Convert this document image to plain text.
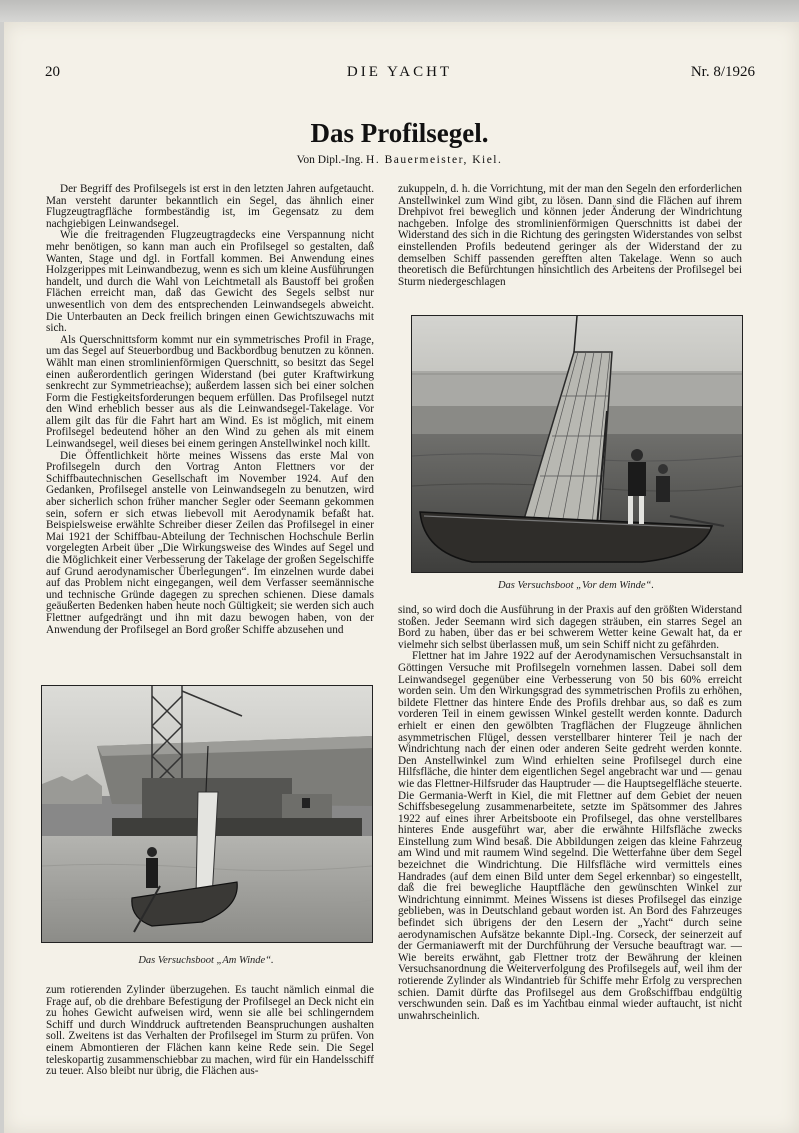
20	DIE YACHT	Nr. 8/1926
Das Profilsegel.
Von Dipl.-Ing. H. Bauermeister, Kiel.

Der Begriff des Profilsegels ist erst in den letzten Jahren aufgetaucht. Man versteht darunter bekanntlich ein Segel, das ähnlich einer Flugzeugtragfläche formbeständig ist, im Gegensatz zu dem nachgiebigen Leinwandsegel.

Wie die freitragenden Flugzeugtragdecks eine Verspannung nicht mehr benötigen, so kann man auch ein Profilsegel so gestalten, daß Wanten, Stage und dgl. in Fortfall kommen. Bei Anwendung eines Holzgerippes mit Leinwandbezug, wenn es sich um kleine Ausführungen handelt, und durch die Wahl von Leichtmetall als Baustoff bei großen Flächen erreicht man, daß das Gewicht des Segels selbst nur unwesentlich von dem des entsprechenden Leinwandsegels abweicht. Die Unterbauten an Deck freilich bringen einen Gewichtszuwachs mit sich.

Als Querschnittsform kommt nur ein symmetrisches Profil in Frage, um das Segel auf Steuerbordbug und Backbordbug benutzen zu können. Wählt man einen stromlinienförmigen Querschnitt, so besitzt das Segel einen außerordentlich geringen Widerstand (bei guter Kraftwirkung senkrecht zur Symmetrieachse); außerdem lassen sich bei einer solchen Form die Festigkeitsforderungen bequem erfüllen. Das Profilsegel nutzt den Wind erheblich besser aus als die Leinwandsegel-Takelage. Vor allem gilt das für die Fahrt hart am Wind. Es ist möglich, mit einem Profilsegel bedeutend höher an den Wind zu gehen als mit einem Leinwandsegel, weil dieses bei einem geringen Anstellwinkel noch killt.

Die Öffentlichkeit hörte meines Wissens das erste Mal von Profilsegeln durch den Vortrag Anton Flettners vor der Schiffbautechnischen Gesellschaft im November 1924. Auf den Gedanken, Profilsegel anstelle von Leinwandsegeln zu benutzen, wird aber sicherlich schon früher mancher Segler oder Seemann gekommen sein, sofern er sich etwas liebevoll mit Aerodynamik befaßt hat. Beispielsweise erwählte Schreiber dieser Zeilen das Profilsegel in einer Mai 1921 der Schiffbau-Abteilung der Technischen Hochschule Berlin vorgelegten Arbeit über „Die Wirkungsweise des Windes auf Segel und die Möglichkeit einer Verbesserung der Takelage der großen Segelschiffe auf Grund aerodynamischer Überlegungen“. Im einzelnen wurde dabei auf das Problem nicht eingegangen, weil dem Verfasser seemännische und technische Gründe dagegen zu sprechen schienen. Diese damals geäußerten Bedenken haben heute noch Gültigkeit; sie werden sich auch Flettner aufgedrängt und ihn mit dazu bewogen haben, von der Anwendung der Profilsegel an Bord großer Schiffe abzusehen und

zukuppeln, d. h. die Vorrichtung, mit der man den Segeln den erforderlichen Anstellwinkel zum Wind gibt, zu lösen. Dann sind die Flächen auf ihrem Drehpivot frei beweglich und können jeder Änderung der Windrichtung nachgeben. Infolge des stromlinienförmigen Querschnitts ist dabei der Widerstand des sich in die Richtung des geringsten Widerstandes von selbst einstellenden Profils bedeutend geringer als der Widerstand der zu demselben Schiff passenden gerefften alten Takelage. Wenn so auch theoretisch die Befürchtungen hinsichtlich des Arbeitens der Profilsegel bei Sturm niedergeschlagen

Das Versuchsboot „Vor dem Winde“.

sind, so wird doch die Ausführung in der Praxis auf den größten Widerstand stoßen. Jeder Seemann wird sich dagegen sträuben, ein starres Segel an Bord zu haben, über das er bei schwerem Wetter keine Gewalt hat, da er vielmehr sich selbst überlassen muß, um sein Schiff nicht zu gefährden.

Flettner hat im Jahre 1922 auf der Aerodynamischen Versuchsanstalt in Göttingen Versuche mit Profilsegeln vornehmen lassen. Dabei soll dem Leinwandsegel gegenüber eine Verbesserung von 50 bis 60% erreicht worden sein. Um den Wirkungsgrad des symmetrischen Profils zu erhöhen, bildete Flettner das hintere Ende des Profils drehbar aus, so daß es zum vorderen Teil in einem gewissen Winkel gestellt werden konnte. Dadurch erhielt er einen den gewölbten Tragflächen der Flugzeuge ähnlichen asymmetrischen Flügel, dessen verstellbarer hinterer Teil je nach der Windrichtung nach der einen oder anderen Seite gedreht werden konnte. Den Anstellwinkel zum Wind erhielten seine Profilsegel durch eine Hilfsfläche, die hinter dem eigentlichen Segel angebracht war und — genau wie das Flettner-Hilfsruder das Hauptruder — die Hauptsegelfläche steuerte. Die Germania-Werft in Kiel, die mit Flettner auf dem Gebiet der neuen Schiffsbesegelung zusammenarbeitete, setzte im Spätsommer des Jahres 1922 auf eines ihrer Arbeitsboote ein Profilsegel, das ohne verstellbares hinteres Ende ausgeführt war, aber die erwähnte Hilfsfläche zwecks Einstellung zum Wind besaß. Die Abbildungen zeigen das kleine Fahrzeug am Wind und mit raumem Wind segelnd. Die Wetterfahne über dem Segel bezeichnet die Windrichtung. Die Hilfsfläche wird vermittels eines Handrades (auf dem einen Bild unter dem Segel erkennbar) so eingestellt, daß die frei bewegliche Hauptfläche den gewünschten Winkel zur Windrichtung einnimmt. Meines Wissens ist dieses Profilsegel das einzige geblieben, was in Deutschland gebaut worden ist. An Bord des Fahrzeuges befindet sich übrigens der den Lesern der „Yacht“ durch seine aerodynamischen Aufsätze bekannte Dipl.-Ing. Corseck, der seinerzeit auf der Germaniawerft mit der Durchführung der Versuche beauftragt war. — Wie bereits erwähnt, gab Flettner trotz der Bewährung der kleinen Versuchsanordnung die Weiterverfolgung des Profilsegels auf, weil ihm der rotierende Zylinder als Windantrieb für Schiffe mehr Erfolg zu versprechen schien. Damit dürfte das Profilsegel aus dem Großschiffbau endgültig verschwunden sein. Daß es im Yachtbau einmal wieder auftaucht, ist nicht unwahrscheinlich.

Das Versuchsboot „Am Winde“.

zum rotierenden Zylinder überzugehen. Es taucht nämlich einmal die Frage auf, ob die drehbare Befestigung der Profilsegel an Deck nicht ein zu hohes Gewicht aufweisen wird, wenn sie alle bei schlingerndem Schiff und durch Winddruck auftretenden Beanspruchungen aushalten soll. Zweitens ist das Verhalten der Profilsegel im Sturm zu prüfen. Von einem Abmontieren der Flächen kann keine Rede sein. Die Segel teleskopartig zusammenschiebbar zu machen, wird für ein Handelsschiff zu teuer. Also bleibt nur übrig, die Flächen aus-
